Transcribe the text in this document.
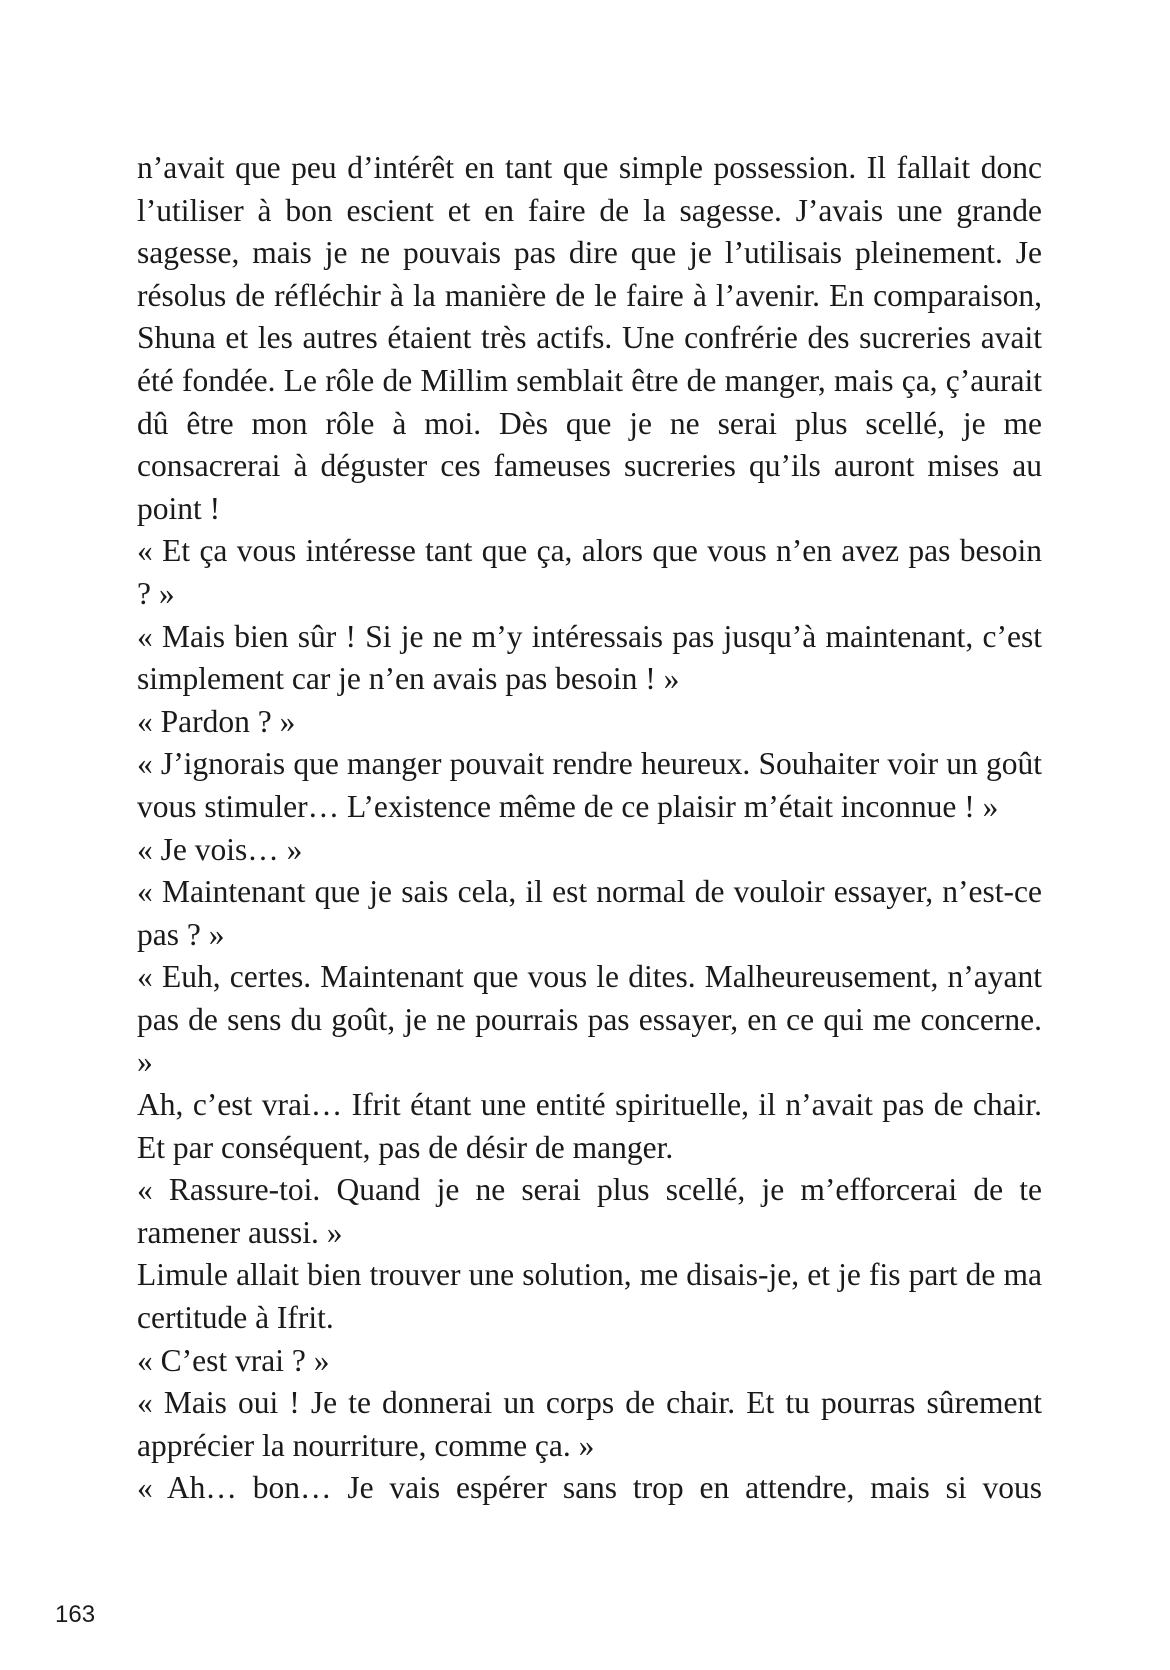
n’avait que peu d’intérêt en tant que simple possession. Il fallait donc l’utiliser à bon escient et en faire de la sagesse. J’avais une grande sagesse, mais je ne pouvais pas dire que je l’utilisais pleinement. Je résolus de réfléchir à la manière de le faire à l’avenir. En comparaison, Shuna et les autres étaient très actifs. Une confrérie des sucreries avait été fondée. Le rôle de Millim semblait être de manger, mais ça, ç’aurait dû être mon rôle à moi. Dès que je ne serai plus scellé, je me consacrerai à déguster ces fameuses sucreries qu’ils auront mises au point !

« Et ça vous intéresse tant que ça, alors que vous n’en avez pas besoin ? »

« Mais bien sûr ! Si je ne m’y intéressais pas jusqu’à maintenant, c’est simplement car je n’en avais pas besoin ! »

« Pardon ? »

« J’ignorais que manger pouvait rendre heureux. Souhaiter voir un goût vous stimuler… L’existence même de ce plaisir m’était inconnue ! »

« Je vois… »

« Maintenant que je sais cela, il est normal de vouloir essayer, n’est-ce pas ? »

« Euh, certes. Maintenant que vous le dites. Malheureusement, n’ayant pas de sens du goût, je ne pourrais pas essayer, en ce qui me concerne. »

Ah, c’est vrai… Ifrit étant une entité spirituelle, il n’avait pas de chair. Et par conséquent, pas de désir de manger.

« Rassure-toi. Quand je ne serai plus scellé, je m’efforcerai de te ramener aussi. »

Limule allait bien trouver une solution, me disais-je, et je fis part de ma certitude à Ifrit.

« C’est vrai ? »

« Mais oui ! Je te donnerai un corps de chair. Et tu pourras sûrement apprécier la nourriture, comme ça. »

« Ah… bon… Je vais espérer sans trop en attendre, mais si vous

163
